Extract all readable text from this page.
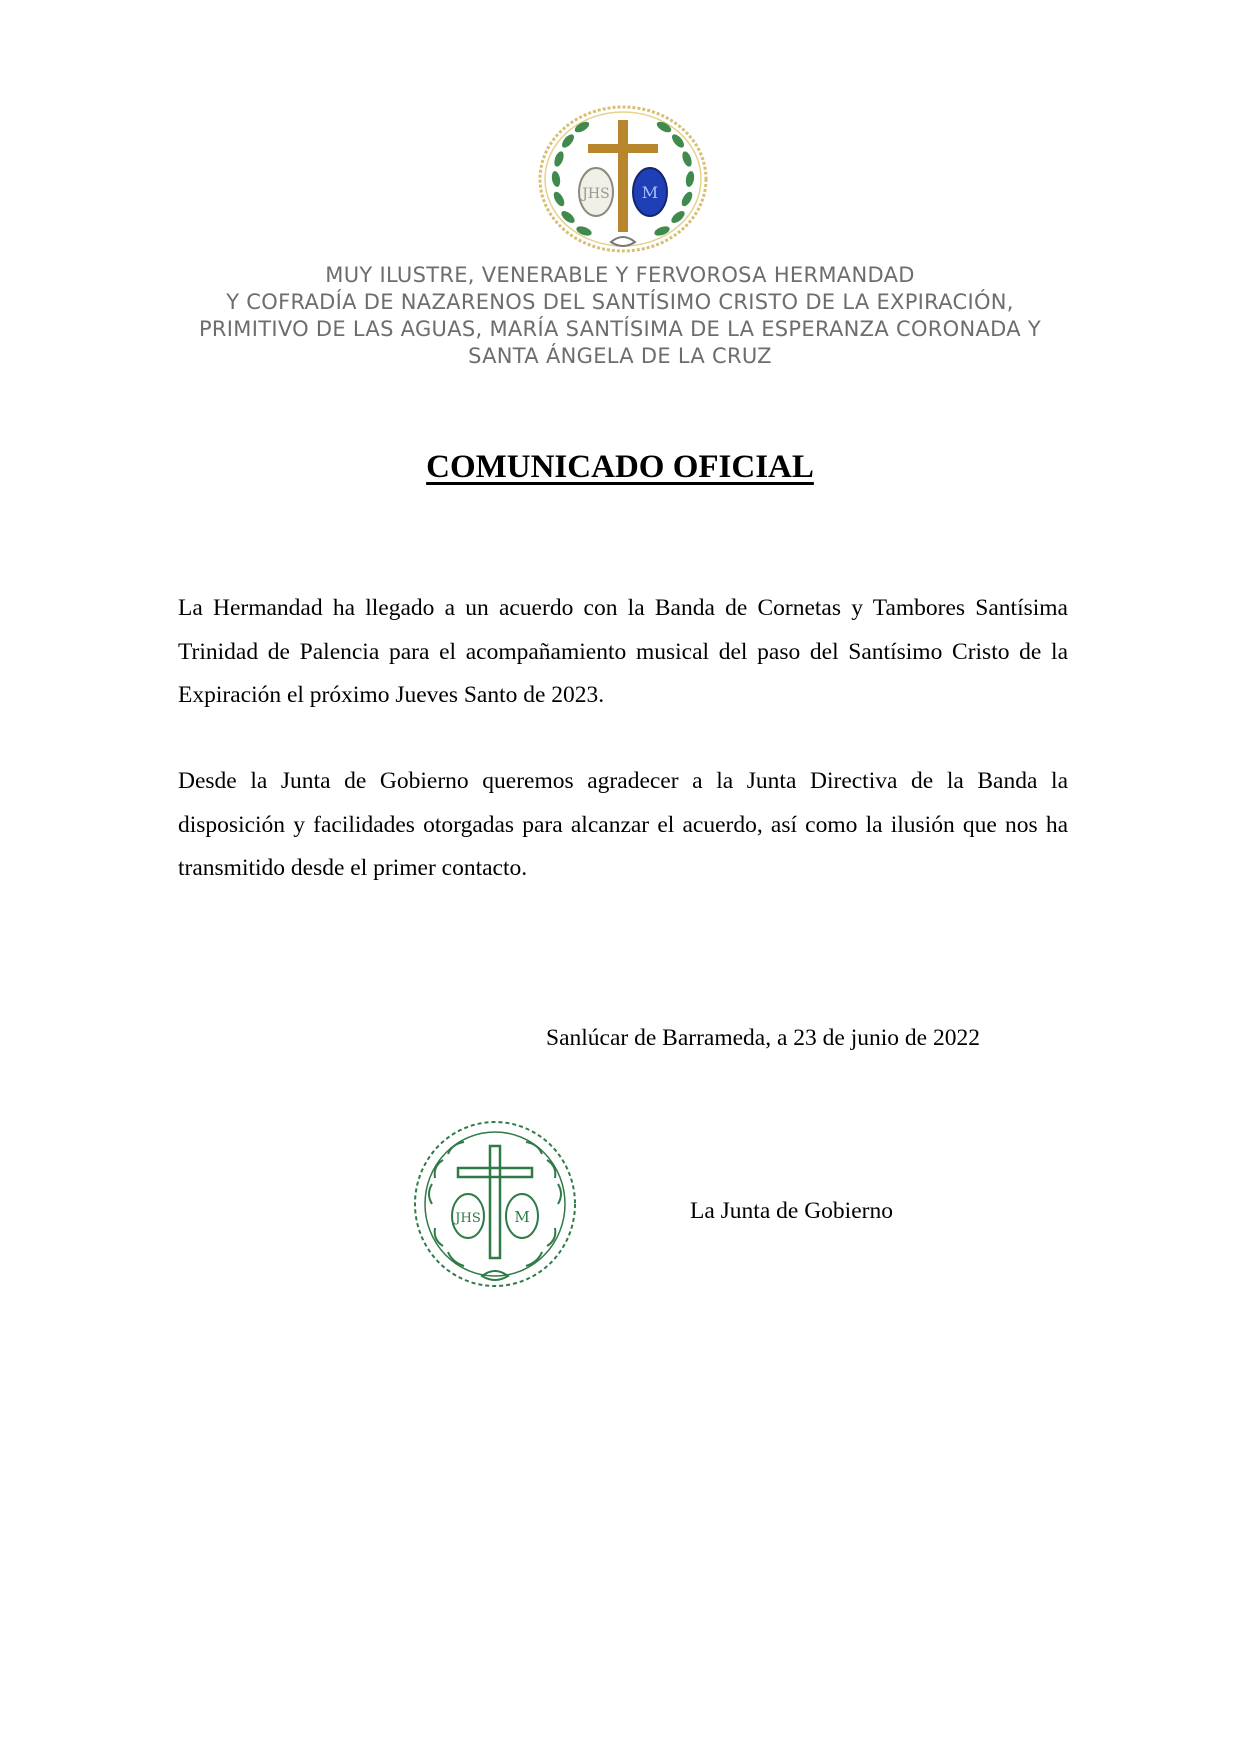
JHS M
MUY ILUSTRE, VENERABLE Y FERVOROSA HERMANDAD
Y COFRADÍA DE NAZARENOS DEL SANTÍSIMO CRISTO DE LA EXPIRACIÓN,
PRIMITIVO DE LAS AGUAS, MARÍA SANTÍSIMA DE LA ESPERANZA CORONADA Y
SANTA ÁNGELA DE LA CRUZ
COMUNICADO OFICIAL
La Hermandad ha llegado a un acuerdo con la Banda de Cornetas y Tambores Santísima Trinidad de Palencia para el acompañamiento musical del paso del Santísimo Cristo de la Expiración el próximo Jueves Santo de 2023.
Desde la Junta de Gobierno queremos agradecer a la Junta Directiva de la Banda la disposición y facilidades otorgadas para alcanzar el acuerdo, así como la ilusión que nos ha transmitido desde el primer contacto.
Sanlúcar de Barrameda, a 23 de junio de 2022
JHS M	La Junta de Gobierno
